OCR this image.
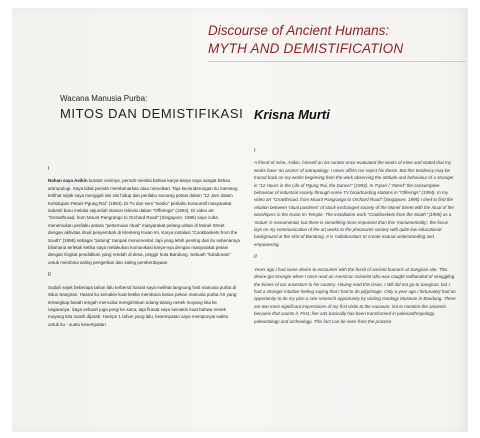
Discourse of Ancient Humans:

MYTH AND DEMISTIFICATION

Wacana Manusia Purba:
MITOS DAN DEMISTIFIKASI Krisna Murti
I

Rahan saya Asikin kurator seninya, pernah menilai bahwa karya-karya saya sangat bebau antropologi. Saya tidak pernah membenarkan atau menolkan. Tapi kecenderungan itu memang terlihat sejak saya menggali sisi sisi hidup dan perilaku seorang petani dalam "12 Jam dalam Kehidupan Petani Pgung Rai" (1993). Di Tv dan seni "medio" perilaku konsumtif masyarakat industri baru melalui sejumlah stasiun televisi dalam "Offerings" (1994). Di video art "Genwthroad, from Mount Pangrango to Orchard Road" (Singapore, 1995) saya coba menemukan perilaku antara "pertemuan ritual" masyarakat pelang-urban di Monel Street dengan aktivitas ritual penyembah di Klenteng Kwan Im. Karya instalasi "Cookbaskets from the South" (1995) sebagai "patung" tampak monumental, tapi yang lebih penting dari itu sebenarnya bilamana terletak ketika saya melakukan komunikasi karya-nya dengan masyarakat petani dengan tingkat pendidikan yang rendah di desa, pinggir kota Bandung. Sebuah "kolaborasi" untuk membina saling pengertian dan saling pemberdayaan.

II

Sudah sejak beberapa tahun lalu terbersit hasrat saya melihat langsung fosil manusia purba di Situs Sangiran. Hasrat itu semakin kuat ketika membaca kasus pekan manusia purba AS yang tertangkap basah tengah mencoba mengirimkan tulang-tulang nenek moyang kita ke negaranya. Saya sebuah juga pergi ke sana, tapi firasat saya semakin kuat bahwa nenek moyang kita masih dijarah. Hampir 1 tahun yang lalu, kesempatan saya mempunyai waktu untuk itu - suatu kesempatan

I

A friend of mine, Asikin, himself an art curator once evaluated the works of mine and stated that my works have 'an aroma' of antropology. I never affirm nor reject his thesis. But this tendency may be traced back on my works beginning from the work observing the attitude and behaviour of a stranger in "12 Hours in the Life of Pgung Rai, the Dancer" (1993). In Tvpari / "Interd" the consumptive behaviour of industrial society through some TV broadcasting stations in "Offerings" (1994). In my video art "Growthroad, from Mount Pangrango to Orchard Road" (Singapore, 1995) I tried to find the relation between 'ritual pastimes' of stock exchanged society of the Monel Street with the ritual of the worshipers in the Kwan Im Temple. The installation work "Cookbaskets from the South" (1995) as a 'statue' is monumental, but there is something more important than this 'monumentality', the focus lays on my communication of the art works to the pheasants society with quite low educational background at the skirt of Bandung. It is 'collaboration' to create mutual understanding and empowering.

II

Years ago I had some desire to encounter with the fossil of ancient humans at Sangiran site. This desire got stronger when I once read an American scientist who was caught redhanded of smuggling the bones of our ancestors to his country. Having read this issue, I still did not go to Sangiran, but I had a stronger intuitive feeling saying that I had to do pilgrimage. Only a year ago I fortunately had an opportunity to do my plan a rare research opportunity by visiting Geology Museum in Bandung. There are two most significant impressions of my first visits to the museum. not to mention the ancients because that counts it. First, fine arts basically has been transformed in paleoanthropology, paleontology and archeology. This fact can be seen from the practice
